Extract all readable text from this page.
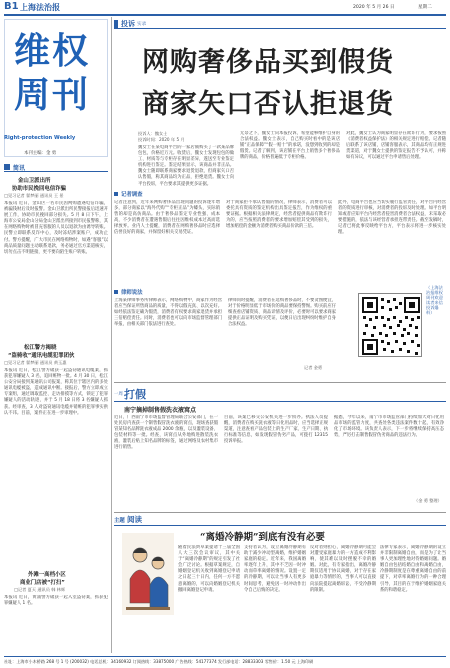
B1 上海法治报	2020 年 5 月 26 日	星期二
维权
周刊
Right-protection Weekly
本刊主编：金 勇
简讯
金山卫派出所
协助市民挽回电信诈骗
□见习记者 翟梦丽 通讯员 王 景
本报讯 近日，金山区一名市民因网购遭遇电信诈骗，被骗钱财后及时报警。金山卫派出所民警接报后迅速开展工作，协助市民挽回部分损失。5 月 8 日下午，上海市公安局金山分局金山卫派出所接到市民报警称，其在网络购物时被冒充客服的人员以退款为由诱导转账。民警立即联系反诈中心，及时冻结涉案账户，成功止付。警方提醒，广大市民在网络购物时，如遇“客服”以商品质量问题主动联系退款，务必通过官方渠道核实，切勿点击不明链接，更不要向陌生账户转账。
松江警方揭晓
“盗骑收”通讯电缆犯罪团伙
□见习记者 翟梦丽 通讯员 黄玉惠
本报讯 近日，松江警方破获一起盗窃通讯电缆案，抓获犯罪嫌疑人 3 名，追回赃物一批。4 月 30 日，松江公安分局接到某通讯公司报案，称其位于辖区内的多处通讯电缆被盗，造成通讯中断。接报后，警方立即成立专案组，通过调取监控、走访排摸等方式，锁定了犯罪嫌疑人的活动轨迹，并于 5 月 18 日将 3 名嫌疑人抓获。经审查，3 人对盗窃通讯电缆并销赃的犯罪事实供认不讳。目前，案件正在进一步审理中。
外滩一高档小区
商业门店被“打扫”
□记者 夏天 通讯员 韩 林辉
本报讯 近日，黄浦警方破获一起入室盗窃案，抓获犯罪嫌疑人 1 名。
投诉 实录
网购奢侈品买到假货
商家矢口否认拒退货
投诉人：魏女士
投诉时间：2020 年 5 月
魏女士在某电商平台的一家店铺购买了一款某品牌包包，价格近万元。收货后，魏女士发现包包的做工、材质等与专柜存在明显差异，遂送至专业鉴定机构进行鉴定。鉴定结果显示，该商品并非正品。魏女士随即联系商家要求退货退款，但商家矢口否认售假，称其商品均为正品，拒绝退货。魏女士向平台投诉，平台要求其提供更多证据。
无奈之下，魏女士向本报投诉，希望能够维护自身的合法权益。魏女士表示，自己购买时看中的是该店铺“正品保障”“假一赔十”的承诺，没想到收到的却是假货。记者了解到，该店铺在平台上销售多个奢侈品牌的商品，价格普遍低于专柜价格。
对此，魏女士认为商家明显存在欺诈行为，要求按照《消费者权益保护法》的相关规定进行赔偿。记者随后联系了该店铺，店铺客服表示，其商品均有正规进货渠道，对于魏女士提供的鉴定报告不予认可，并称如有异议，可以通过平台申请售后处理。
记者调查
记者注意到，近年来网购奢侈品出现问题的投诉逐年增多，部分商家以“海外代购”“专柜正品”为噱头，实际销售的却是高仿商品。由于奢侈品鉴定专业性强、成本高，不少消费者在遭遇售假后往往因维权成本过高而选择放弃。业内人士提醒，消费者在网购奢侈品时应选择信誉良好的商家，并保留好相关交易凭证。
对于商家拒不承认售假的情况，律师表示，消费者可以委托具有资质的鉴定机构出具鉴定报告，作为维权的重要证据。根据相关法律规定，经营者提供商品有欺诈行为的，应当按照消费者的要求增加赔偿其受到的损失，增加赔偿的金额为消费者购买商品价款的三倍。
此外，电商平台也应当切实履行监管责任，对平台内经营者的资质进行审核，对消费者的投诉及时处理。如平台明知或者应知平台内经营者侵害消费者合法权益，未采取必要措施的，依法与该经营者承担连带责任。截至发稿时，记者已将此事反映给平台方，平台表示将进一步核实处理。
律师说法
上海某律师事务所律师表示，网络购物中，商家作为经营者应当保证所售商品的质量，不得以假充真、以次充好。如经依法鉴定确为假货，消费者有权要求商家退货并承担三倍赔偿责任。同时，消费者也可以向市场监督管理部门举报，由相关部门依法进行查处。
律师同时提醒，消费者在选购奢侈品时，不要贪图便宜，对于价格明显低于市场价的商品要保持警惕。购买前应仔细查看店铺资质、商品详情及评价，必要时可以要求商家提供正品证明及购买凭证，以便日后出现纠纷时维护自身合法权益。
记者 金勇
（上海法治报维权周刊欢迎读者来信投诉爆料）
一周 打假
南宁摘掉制售假洗衣液窝点
近日，广西南宁市市场监督管理局联合公安部门，在一处民房内查获一个制售假冒洗衣液的窝点，现场查获假冒某知名品牌洗衣液成品 2000 余瓶，以及灌装设备、包装材料等一批。经查，该窝点从外地购进散装洗衣液，灌装后贴上知名品牌的标签，通过网络及农村集市进行销售。
目前，该案已移交公安机关进一步侦办。执法人员提醒，消费者在购买洗衣液等日化用品时，应当选择正规渠道，注意查看产品包装上的生产厂家、生产日期、执行标准等信息，如发现假冒伪劣产品，可拨打 12315 投诉举报。
据悉，今年以来，南宁市市场监管部门持续加大对日化用品市场的监管力度，共查处各类违法案件数十起，有效净化了市场环境。该负责人表示，下一步将继续保持高压态势，严厉打击制售假冒伪劣商品的违法行为。
（金 勇 整理）
主题 阅读
“离婚冷静期”到底有没有必要
随着民法典草案提请十三届全国人大三次会议审议，其中关于“离婚冷静期”的规定引发了社会广泛讨论。根据草案规定，自婚姻登记机关收到离婚登记申请之日起三十日内，任何一方不愿意离婚的，可以向婚姻登记机关撤回离婚登记申请。
支持者认为，设立离婚冷静期有助于减少冲动型离婚，维护婚姻家庭的稳定。近年来，我国离婚率逐年上升，其中不乏因一时冲动而草率离婚的情况。设置一定的冷静期，可以让当事人有更多时间思考，避免因一时冲动作出令自己后悔的决定。
反对者则担心，离婚冷静期可能会对遭受家庭暴力的一方造成不利影响，使其难以及时摆脱不幸的婚姻。对此，有专家指出，离婚冷静期仅适用于协议离婚，对于存在家庭暴力等情形的，当事人可以直接向法院提起离婚诉讼，不受冷静期的限制。
法律专家表示，离婚冷静期的设立并非限制离婚自由，而是为了让当事人更加理性地对待婚姻问题。婚姻自由包括结婚自由和离婚自由，冷静期制度是在尊重离婚自由的前提下，对草率离婚行为的一种合理引导，其目的在于维护婚姻家庭关系的和谐稳定。
社址：上海市小木桥路 268 号 1 号 (200032) 电话总机：34160932 订阅热线：33875000 广告热线：54177374 发行部电话：28833303 零售价：1.50 元 上海印刷
